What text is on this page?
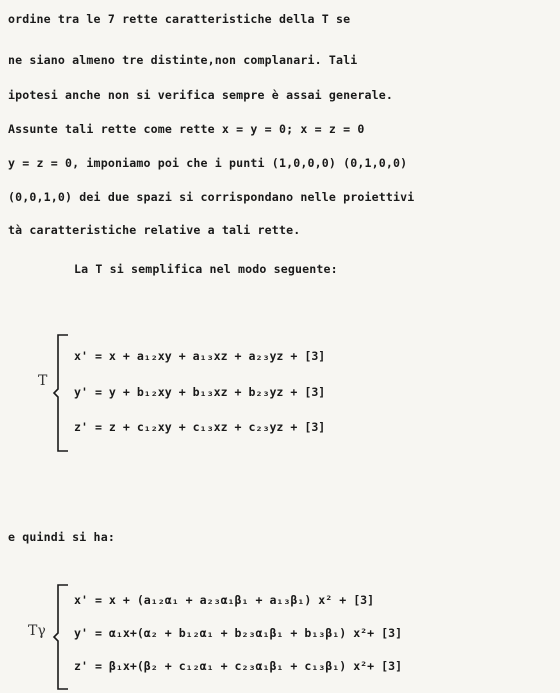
ordine tra le 7 rette caratteristiche della T se
ne siano almeno tre distinte,non complanari. Tali
ipotesi anche non si verifica sempre è assai generale.
Assunte tali rette come rette x = y = 0; x = z = 0
y = z = 0, imponiamo poi che i punti (1,0,0,0) (0,1,0,0)
(0,0,1,0) dei due spazi si corrispondano nelle proiettivi
tà caratteristiche relative a tali rette.
La T si semplifica nel modo seguente:
T
x' = x + a₁₂xy + a₁₃xz + a₂₃yz + [3]
y' = y + b₁₂xy + b₁₃xz + b₂₃yz + [3]
z' = z + c₁₂xy + c₁₃xz + c₂₃yz + [3]
e quindi si ha:
Tγ
x' = x + (a₁₂α₁ + a₂₃α₁β₁ + a₁₃β₁) x² + [3]
y' = α₁x+(α₂ + b₁₂α₁ + b₂₃α₁β₁ + b₁₃β₁) x²+ [3]
z' = β₁x+(β₂ + c₁₂α₁ + c₂₃α₁β₁ + c₁₃β₁) x²+ [3]
